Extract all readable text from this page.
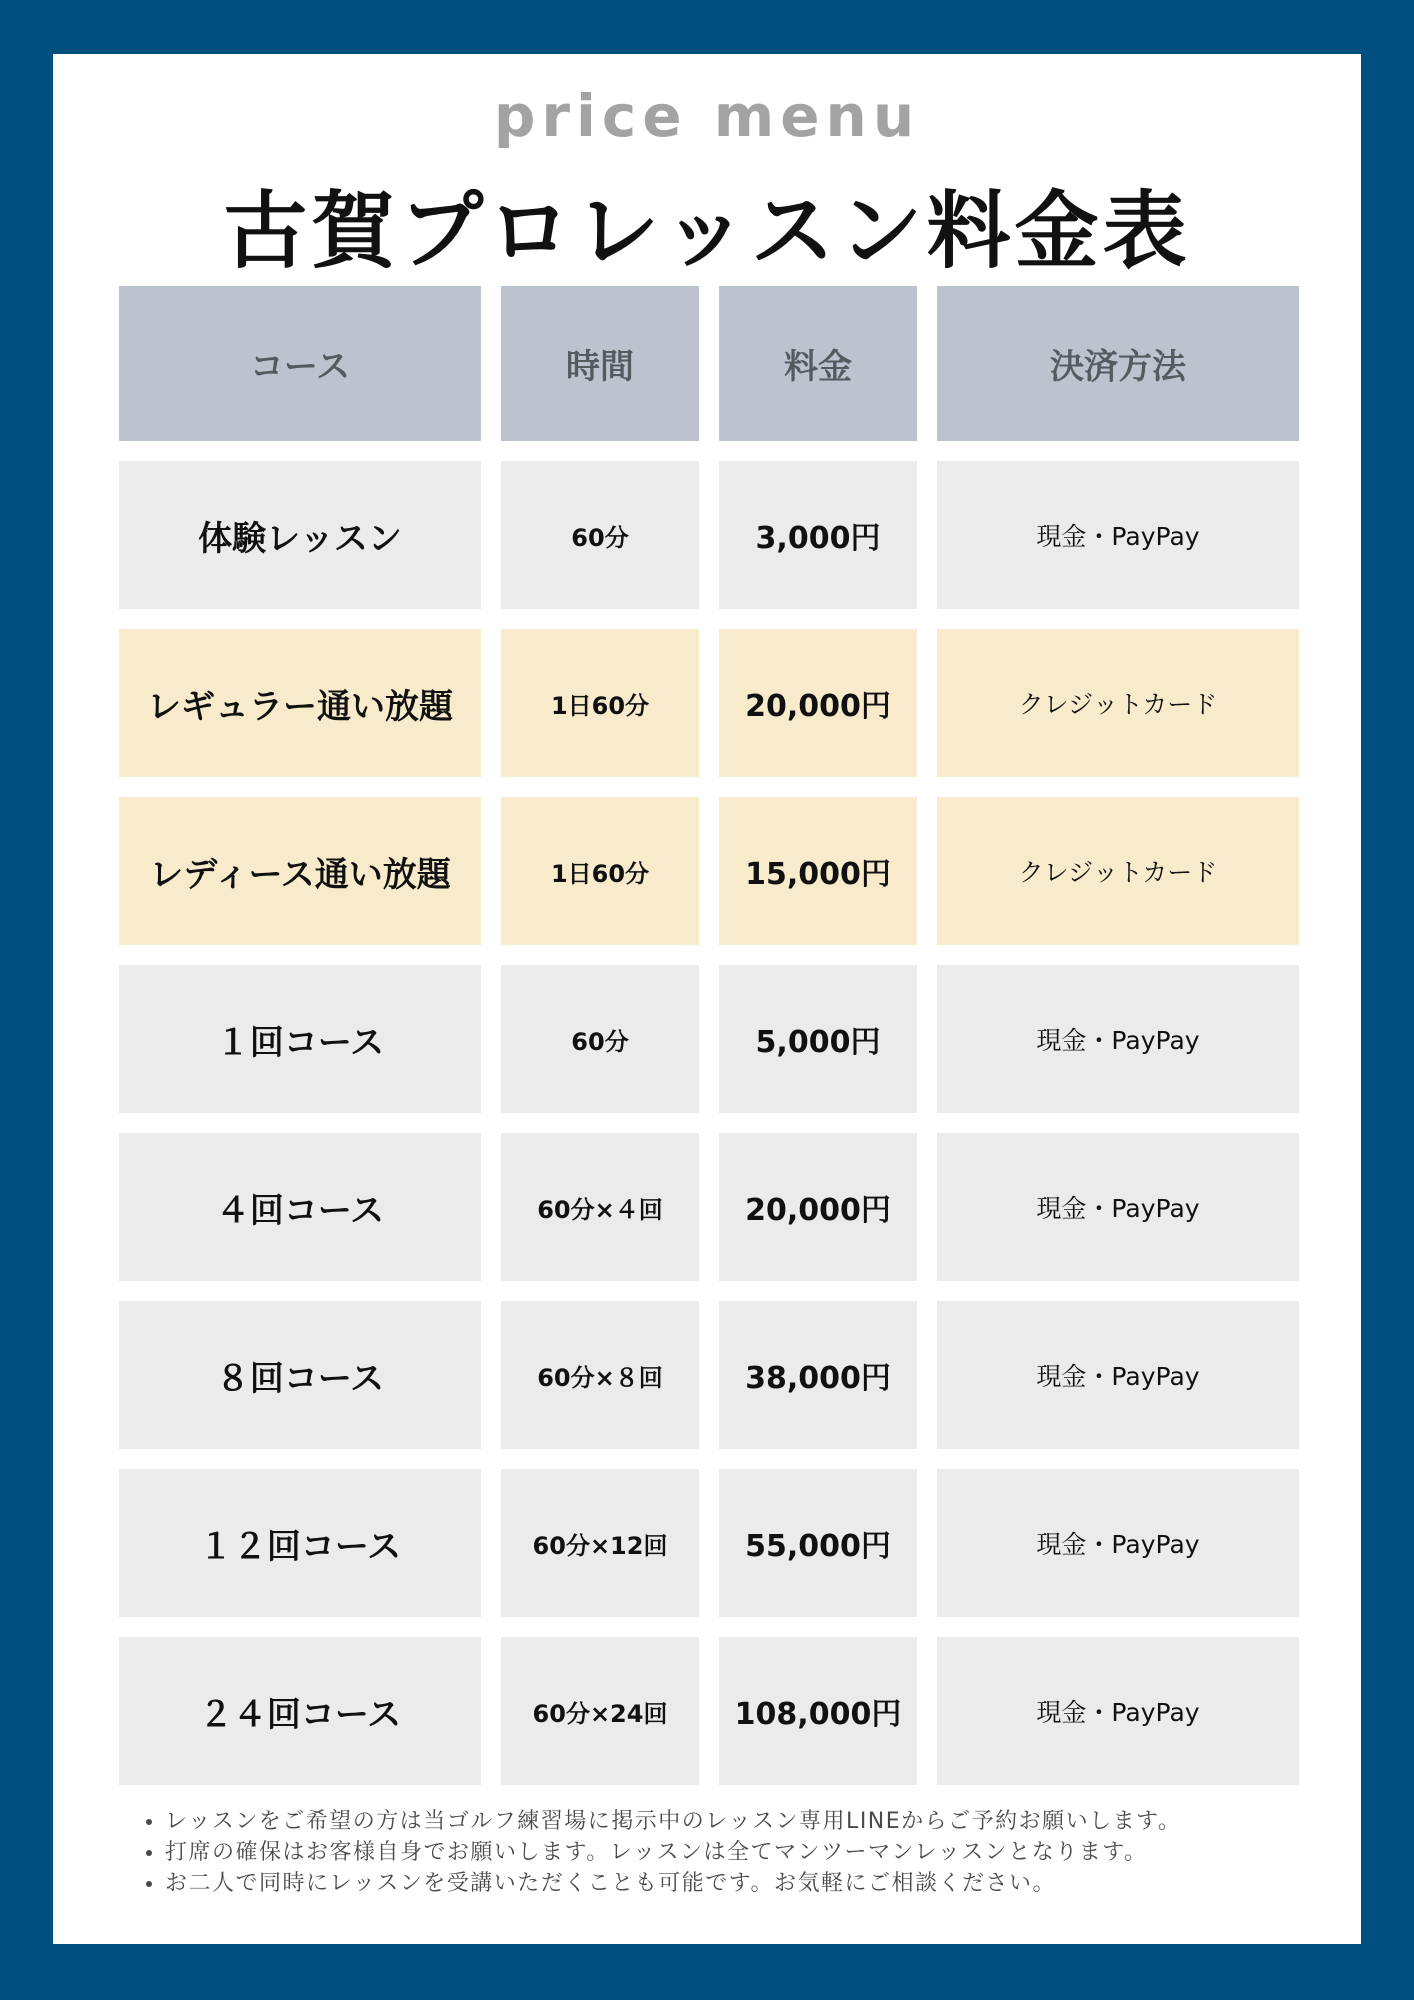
price menu
古賀プロレッスン料金表
コース	時間	料金	決済方法
体験レッスン	60分	3,000円	現金・PayPay
レギュラー通い放題	1日60分	20,000円	クレジットカード
レディース通い放題	1日60分	15,000円	クレジットカード
１回コース	60分	5,000円	現金・PayPay
４回コース	60分×４回	20,000円	現金・PayPay
８回コース	60分×８回	38,000円	現金・PayPay
１２回コース	60分×12回	55,000円	現金・PayPay
２４回コース	60分×24回	108,000円	現金・PayPay
• レッスンをご希望の方は当ゴルフ練習場に掲示中のレッスン専用LINEからご予約お願いします。
• 打席の確保はお客様自身でお願いします。レッスンは全てマンツーマンレッスンとなります。
• お二人で同時にレッスンを受講いただくことも可能です。お気軽にご相談ください。
